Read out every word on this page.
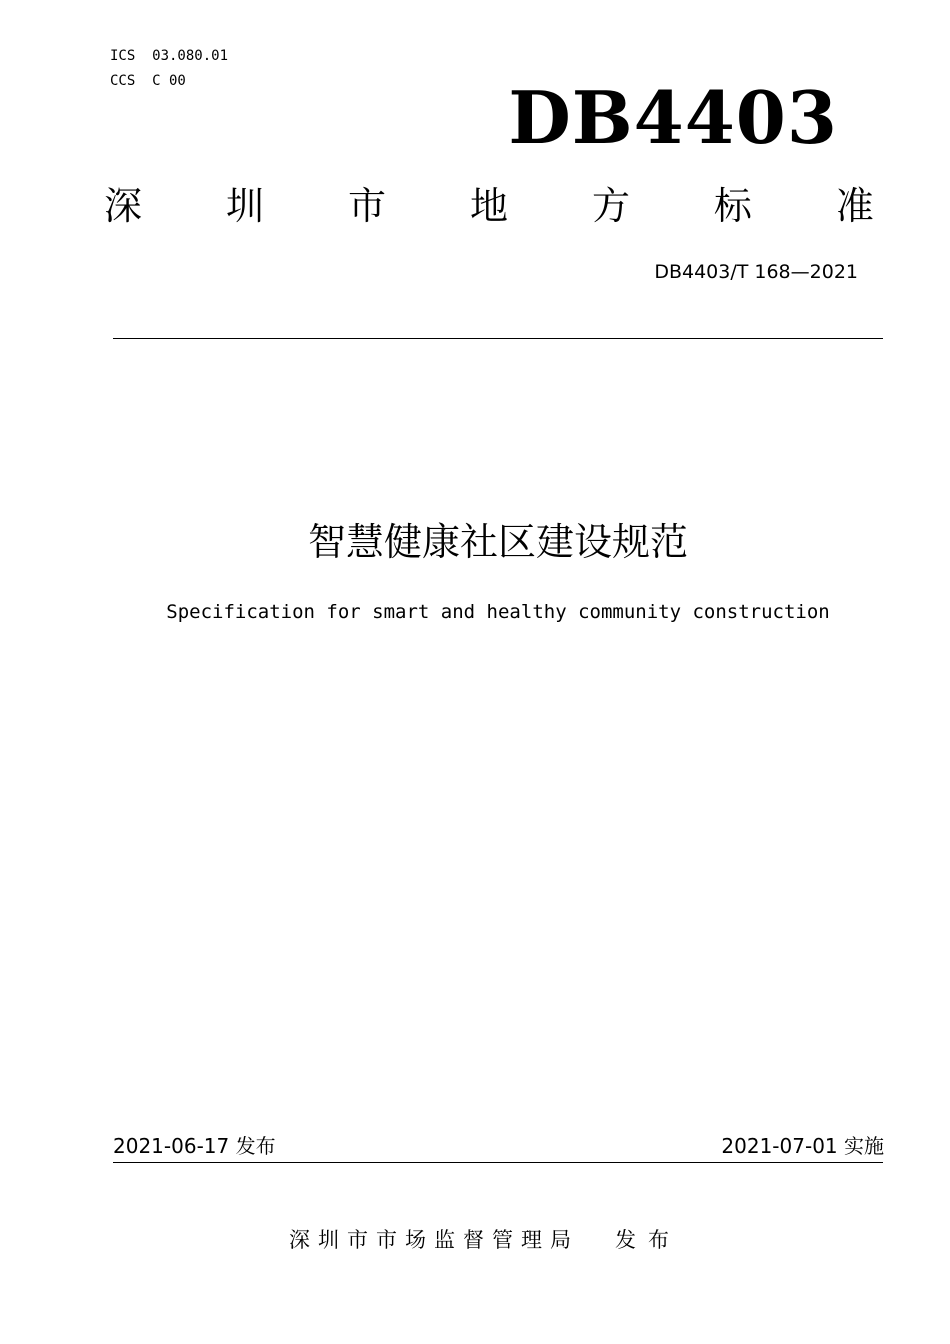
ICS  03.080.01
CCS  C 00	DB4403
深 圳 市 地 方 标 准
DB4403/T 168—2021
智慧健康社区建设规范
Specification for smart and healthy community construction
2021-06-17 发布	2021-07-01 实施
深圳市市场监督管理局 发布
